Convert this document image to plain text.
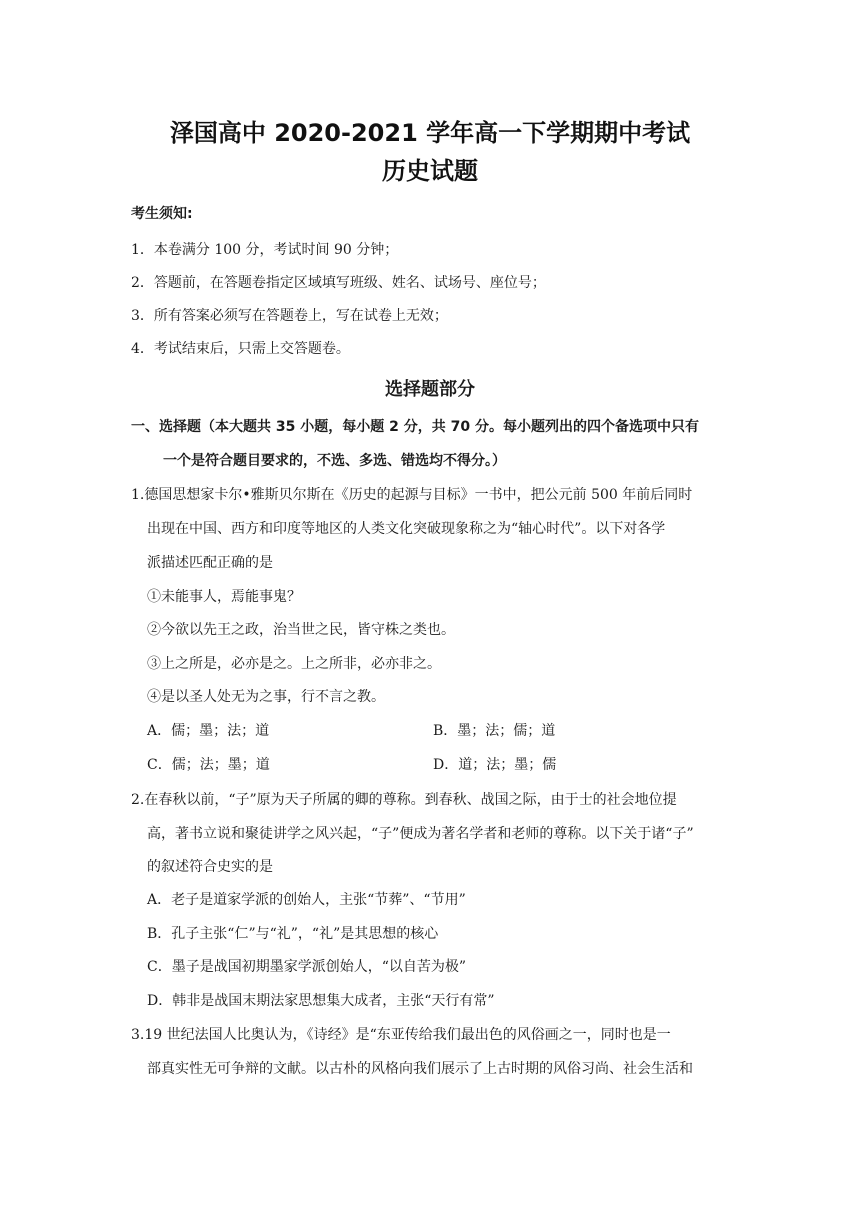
泽国高中 2020-2021 学年高一下学期期中考试
历史试题
考生须知:
1．本卷满分 100 分，考试时间 90 分钟；
2．答题前，在答题卷指定区域填写班级、姓名、试场号、座位号；
3．所有答案必须写在答题卷上，写在试卷上无效；
4．考试结束后，只需上交答题卷。
选择题部分
一、选择题（本大题共 35 小题，每小题 2 分，共 70 分。每小题列出的四个备选项中只有
一个是符合题目要求的，不选、多选、错选均不得分。）
1.德国思想家卡尔•雅斯贝尔斯在《历史的起源与目标》一书中，把公元前 500 年前后同时
出现在中国、西方和印度等地区的人类文化突破现象称之为“轴心时代”。以下对各学
派描述匹配正确的是
①未能事人，焉能事鬼？
②今欲以先王之政，治当世之民，皆守株之类也。
③上之所是，必亦是之。上之所非，必亦非之。
④是以圣人处无为之事，行不言之教。
A．儒；墨；法；道	B．墨；法；儒；道
C．儒；法；墨；道	D．道；法；墨；儒
2.在春秋以前，“子”原为天子所属的卿的尊称。到春秋、战国之际，由于士的社会地位提
高，著书立说和聚徒讲学之风兴起，“子”便成为著名学者和老师的尊称。以下关于诸“子”
的叙述符合史实的是
A．老子是道家学派的创始人，主张“节葬”、“节用”
B．孔子主张“仁”与“礼”，“礼”是其思想的核心
C．墨子是战国初期墨家学派创始人，“以自苦为极”
D．韩非是战国末期法家思想集大成者，主张“天行有常”
3.19 世纪法国人比奥认为，《诗经》是“东亚传给我们最出色的风俗画之一，同时也是一
部真实性无可争辩的文献。以古朴的风格向我们展示了上古时期的风俗习尚、社会生活和
